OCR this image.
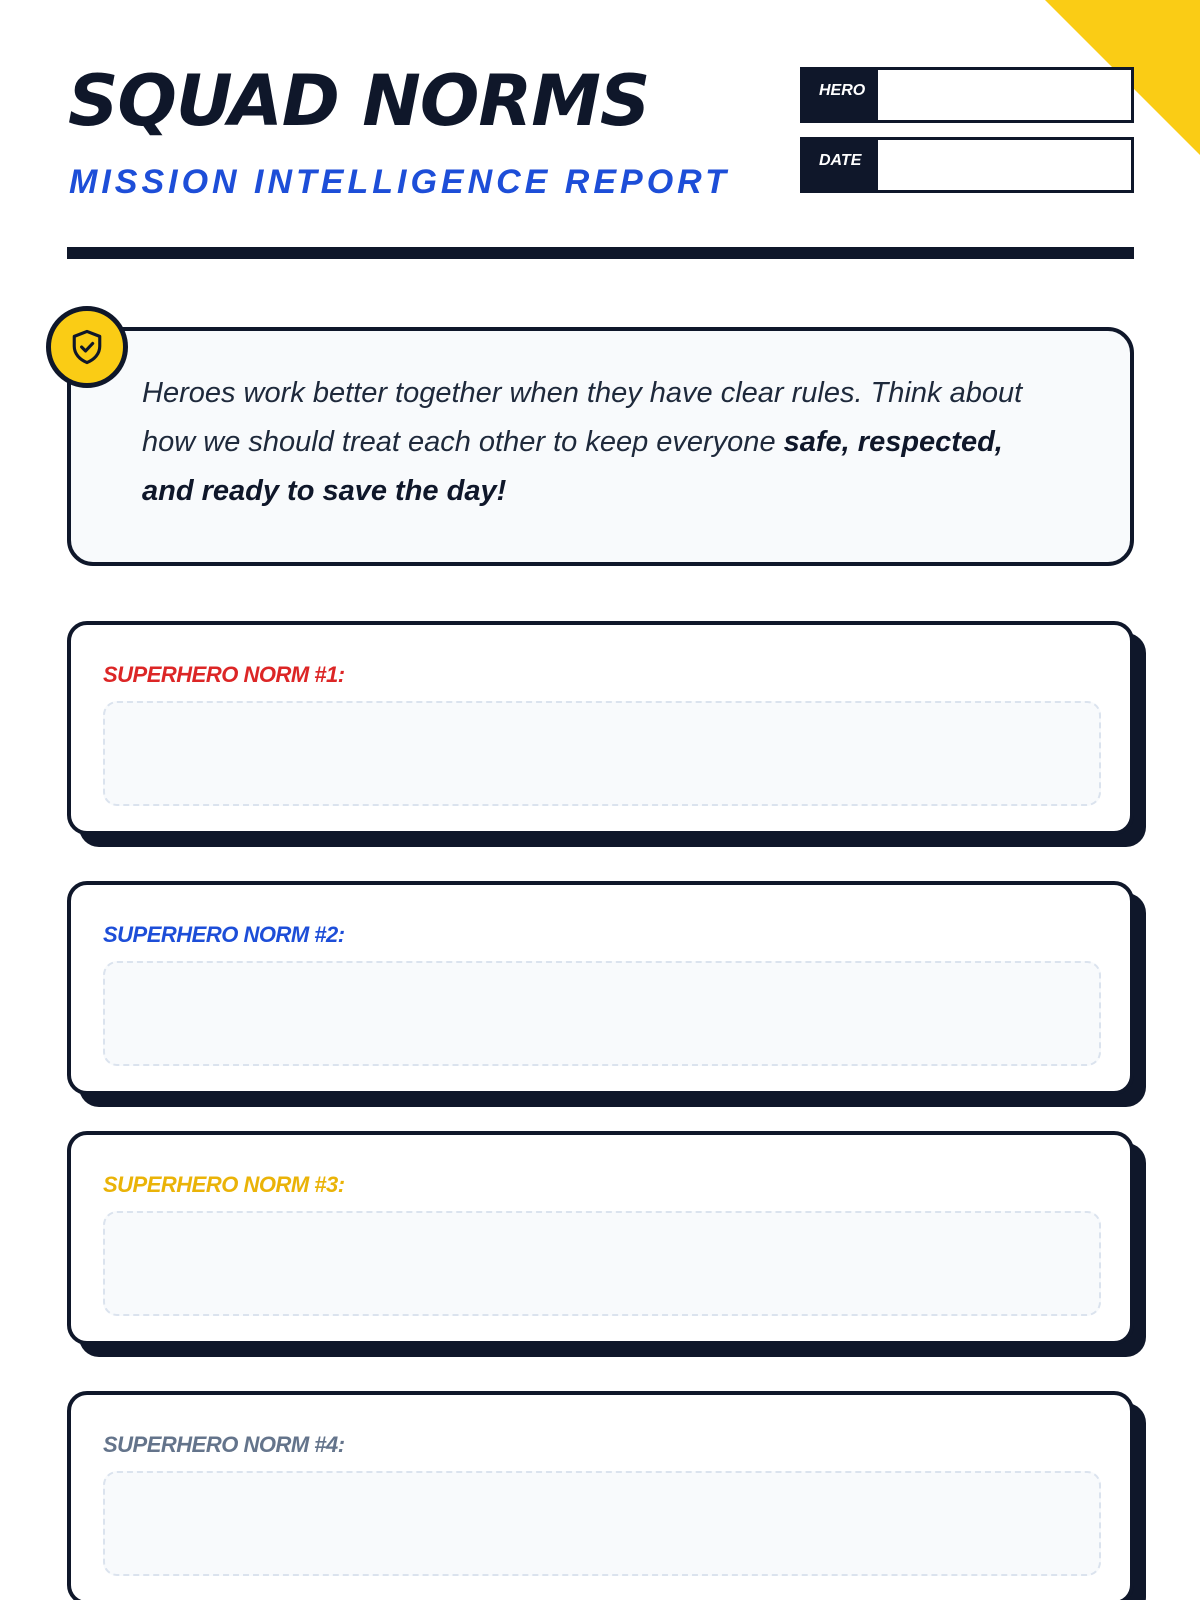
SQUAD NORMS
MISSION INTELLIGENCE REPORT
HERO
DATE

Heroes work better together when they have clear rules. Think about how we should treat each other to keep everyone safe, respected, and ready to save the day!

SUPERHERO NORM #1:
SUPERHERO NORM #2:
SUPERHERO NORM #3:
SUPERHERO NORM #4:
